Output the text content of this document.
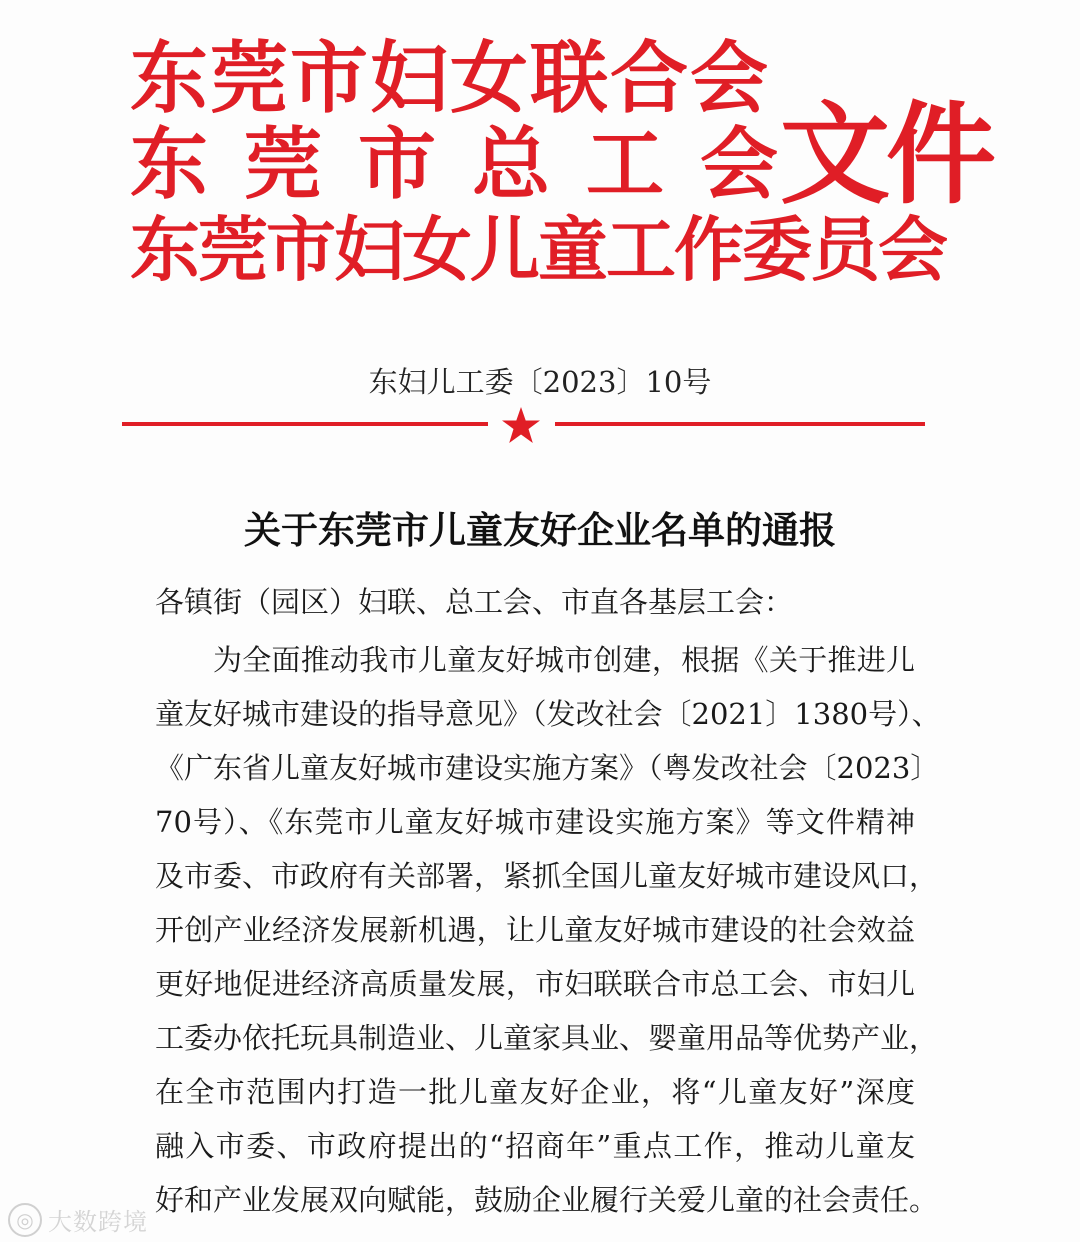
东莞市妇女联合会
东莞市总工会
东莞市妇女儿童工作委员会
文件
东妇儿工委〔2023〕10号
关于东莞市儿童友好企业名单的通报
各镇街（园区）妇联、总工会、市直各基层工会：
为全面推动我市儿童友好城市创建，根据《关于推进儿
童友好城市建设的指导意见》（发改社会〔2021〕1380号）、
《广东省儿童友好城市建设实施方案》（粤发改社会〔2023〕
70号）、《东莞市儿童友好城市建设实施方案》等文件精神
及市委、市政府有关部署，紧抓全国儿童友好城市建设风口，
开创产业经济发展新机遇，让儿童友好城市建设的社会效益
更好地促进经济高质量发展，市妇联联合市总工会、市妇儿
工委办依托玩具制造业、儿童家具业、婴童用品等优势产业，
在全市范围内打造一批儿童友好企业，将“儿童友好”深度
融入市委、市政府提出的“招商年”重点工作，推动儿童友
好和产业发展双向赋能，鼓励企业履行关爱儿童的社会责任。
◎ 大数跨境
